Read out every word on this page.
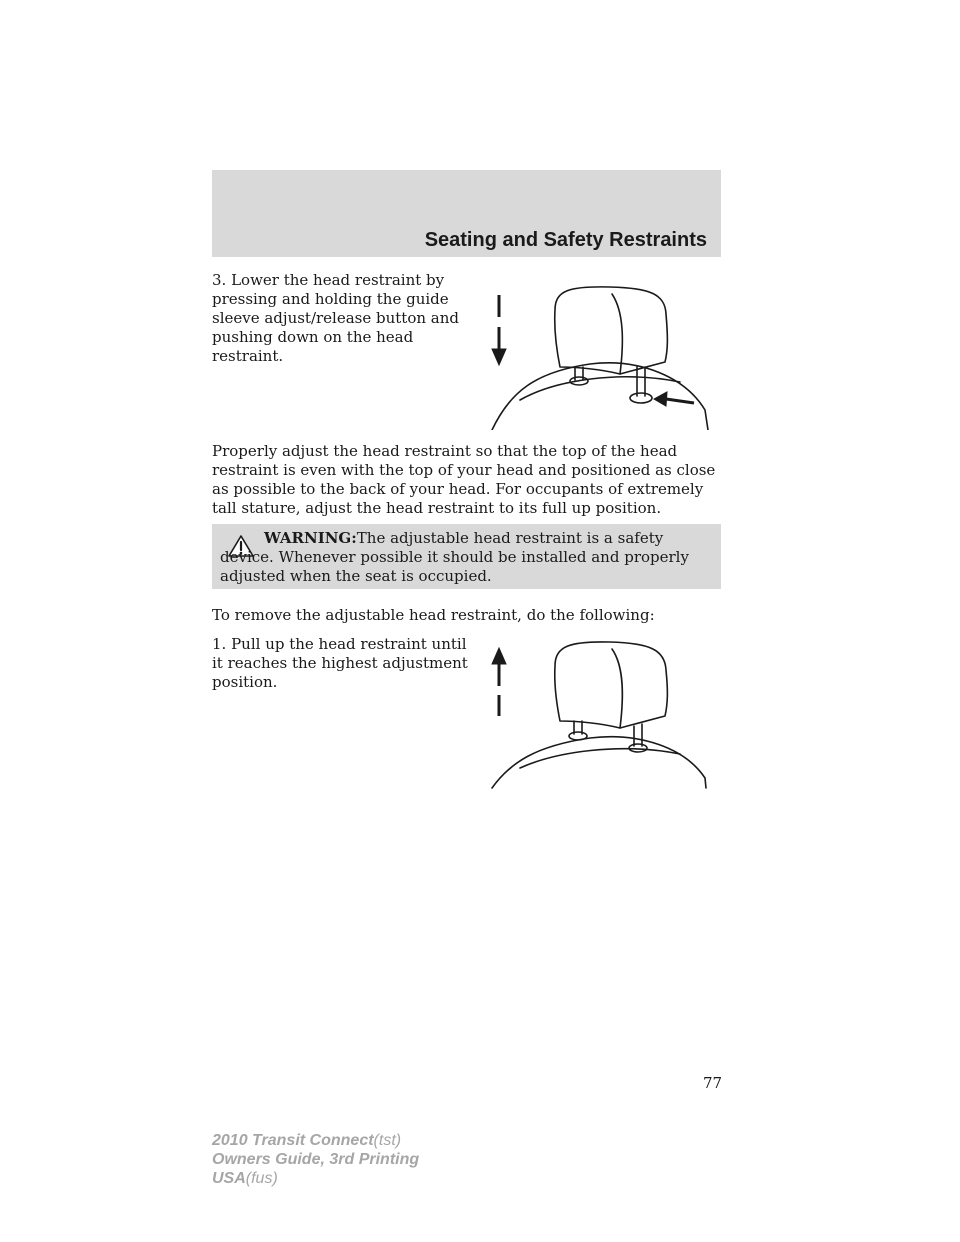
Seating and Safety Restraints

3. Lower the head restraint by pressing and holding the guide sleeve adjust/release button and pushing down on the head restraint.

Properly adjust the head restraint so that the top of the head restraint is even with the top of your head and positioned as close as possible to the back of your head. For occupants of extremely tall stature, adjust the head restraint to its full up position.

WARNING:The adjustable head restraint is a safety device. Whenever possible it should be installed and properly adjusted when the seat is occupied.

To remove the adjustable head restraint, do the following:

1. Pull up the head restraint until it reaches the highest adjustment position.

77
2010 Transit Connect(tst)
Owners Guide, 3rd Printing
USA(fus)
